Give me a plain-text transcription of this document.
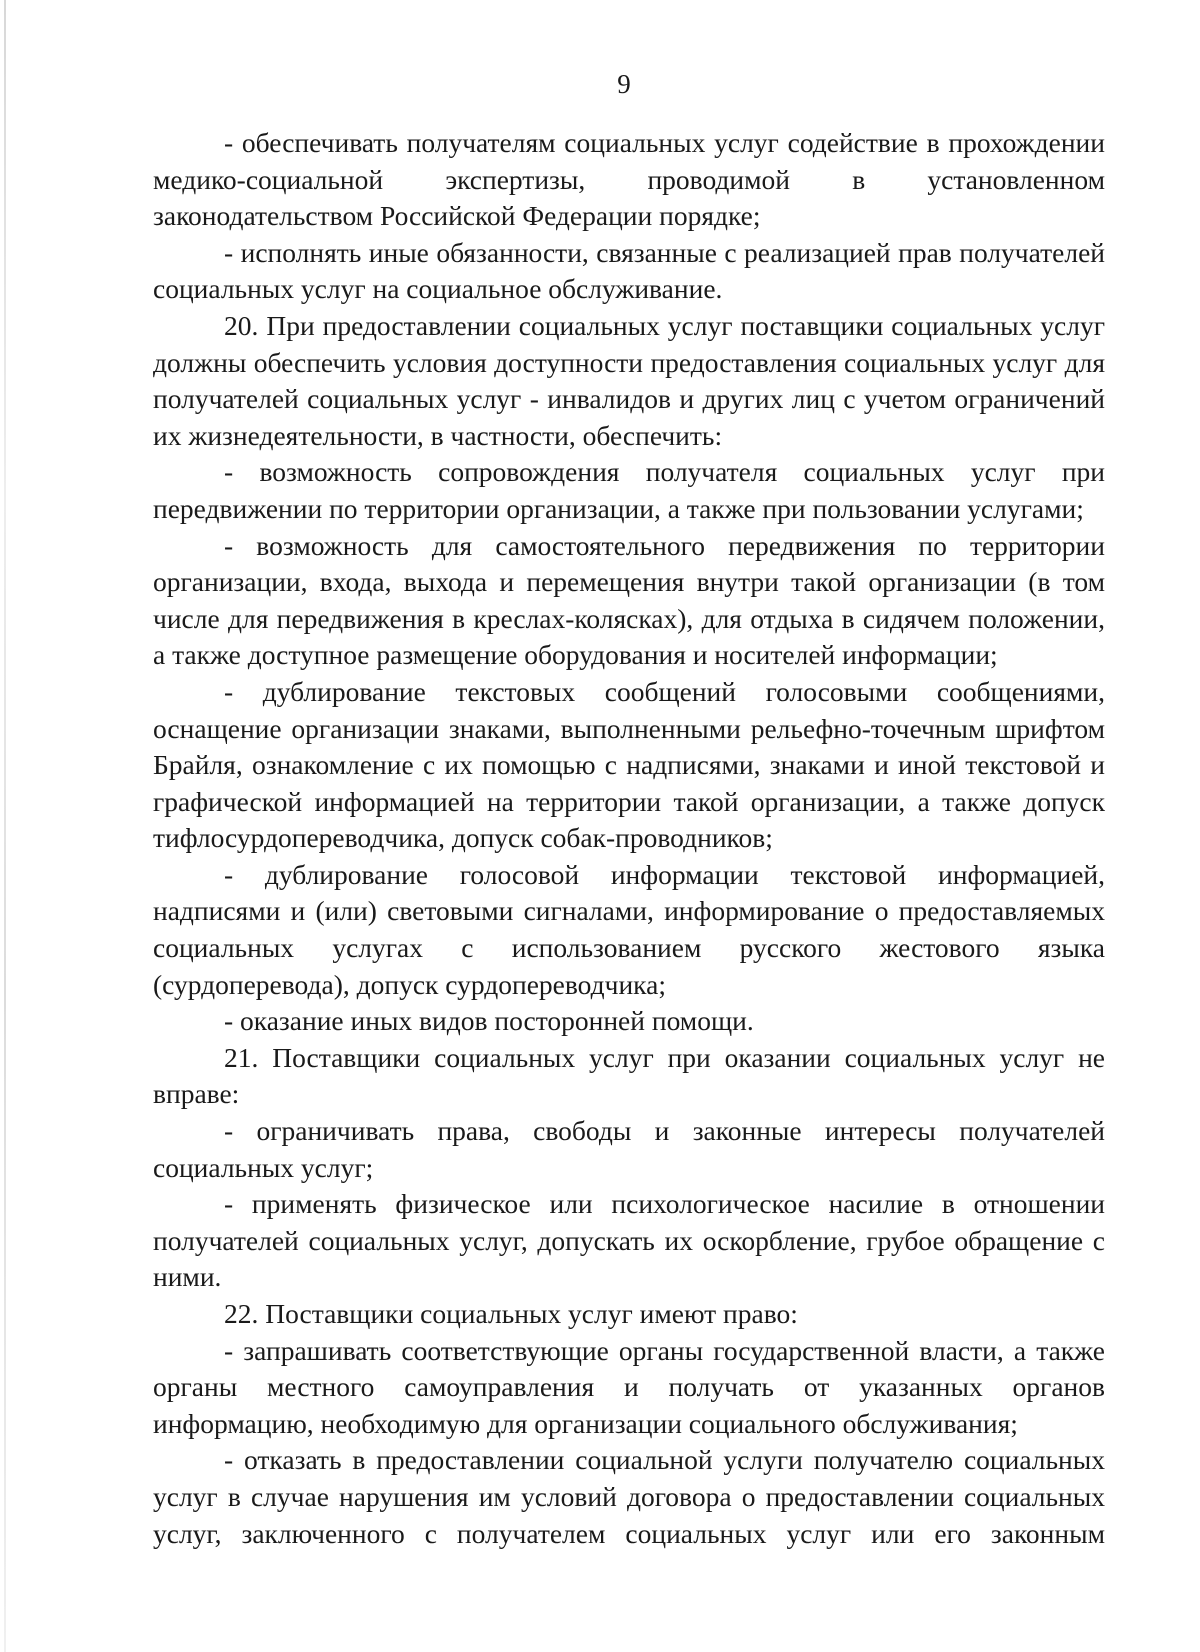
9

- обеспечивать получателям социальных услуг содействие в прохождении медико-социальной экспертизы, проводимой в установленном законодательством Российской Федерации порядке;

- исполнять иные обязанности, связанные с реализацией прав получателей социальных услуг на социальное обслуживание.

20. При предоставлении социальных услуг поставщики социальных услуг должны обеспечить условия доступности предоставления социальных услуг для получателей социальных услуг - инвалидов и других лиц с учетом ограничений их жизнедеятельности, в частности, обеспечить:

- возможность сопровождения получателя социальных услуг при передвижении по территории организации, а также при пользовании услугами;

- возможность для самостоятельного передвижения по территории организации, входа, выхода и перемещения внутри такой организации (в том числе для передвижения в креслах-колясках), для отдыха в сидячем положении, а также доступное размещение оборудования и носителей информации;

- дублирование текстовых сообщений голосовыми сообщениями, оснащение организации знаками, выполненными рельефно-точечным шрифтом Брайля, ознакомление с их помощью с надписями, знаками и иной текстовой и графической информацией на территории такой организации, а также допуск тифлосурдопереводчика, допуск собак-проводников;

- дублирование голосовой информации текстовой информацией, надписями и (или) световыми сигналами, информирование о предоставляемых социальных услугах с использованием русского жестового языка (сурдоперевода), допуск сурдопереводчика;

- оказание иных видов посторонней помощи.

21. Поставщики социальных услуг при оказании социальных услуг не вправе:

- ограничивать права, свободы и законные интересы получателей социальных услуг;

- применять физическое или психологическое насилие в отношении получателей социальных услуг, допускать их оскорбление, грубое обращение с ними.

22. Поставщики социальных услуг имеют право:

- запрашивать соответствующие органы государственной власти, а также органы местного самоуправления и получать от указанных органов информацию, необходимую для организации социального обслуживания;

- отказать в предоставлении социальной услуги получателю социальных услуг в случае нарушения им условий договора о предоставлении социальных услуг, заключенного с получателем социальных услуг или его законным
